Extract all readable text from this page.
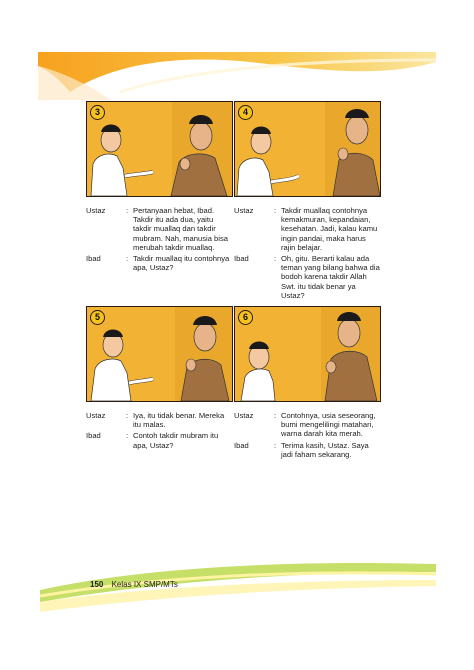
3	4
Ustaz	: Pertanyaan hebat, Ibad. Takdir itu ada dua, yaitu takdir muallaq dan takdir mubram. Nah, manusia bisa merubah takdir muallaq.
Ibad	: Takdir muallaq itu contohnya apa, Ustaz?
Ustaz	: Takdir muallaq contohnya kemakmuran, kepandaian, kesehatan. Jadi, kalau kamu ingin pandai, maka harus rajin belajar.
Ibad	: Oh, gitu. Berarti kalau ada teman yang bilang bahwa dia bodoh karena takdir Allah Swt. itu tidak benar ya Ustaz?
5	6
Ustaz	: Iya, itu tidak benar. Mereka itu malas.
Ibad	: Contoh takdir mubram itu apa, Ustaz?
Ustaz	: Contohnya, usia seseorang, bumi mengelilingi matahari, warna darah kita merah.
Ibad	: Terima kasih, Ustaz. Saya jadi faham sekarang.
150 Kelas IX SMP/MTs
